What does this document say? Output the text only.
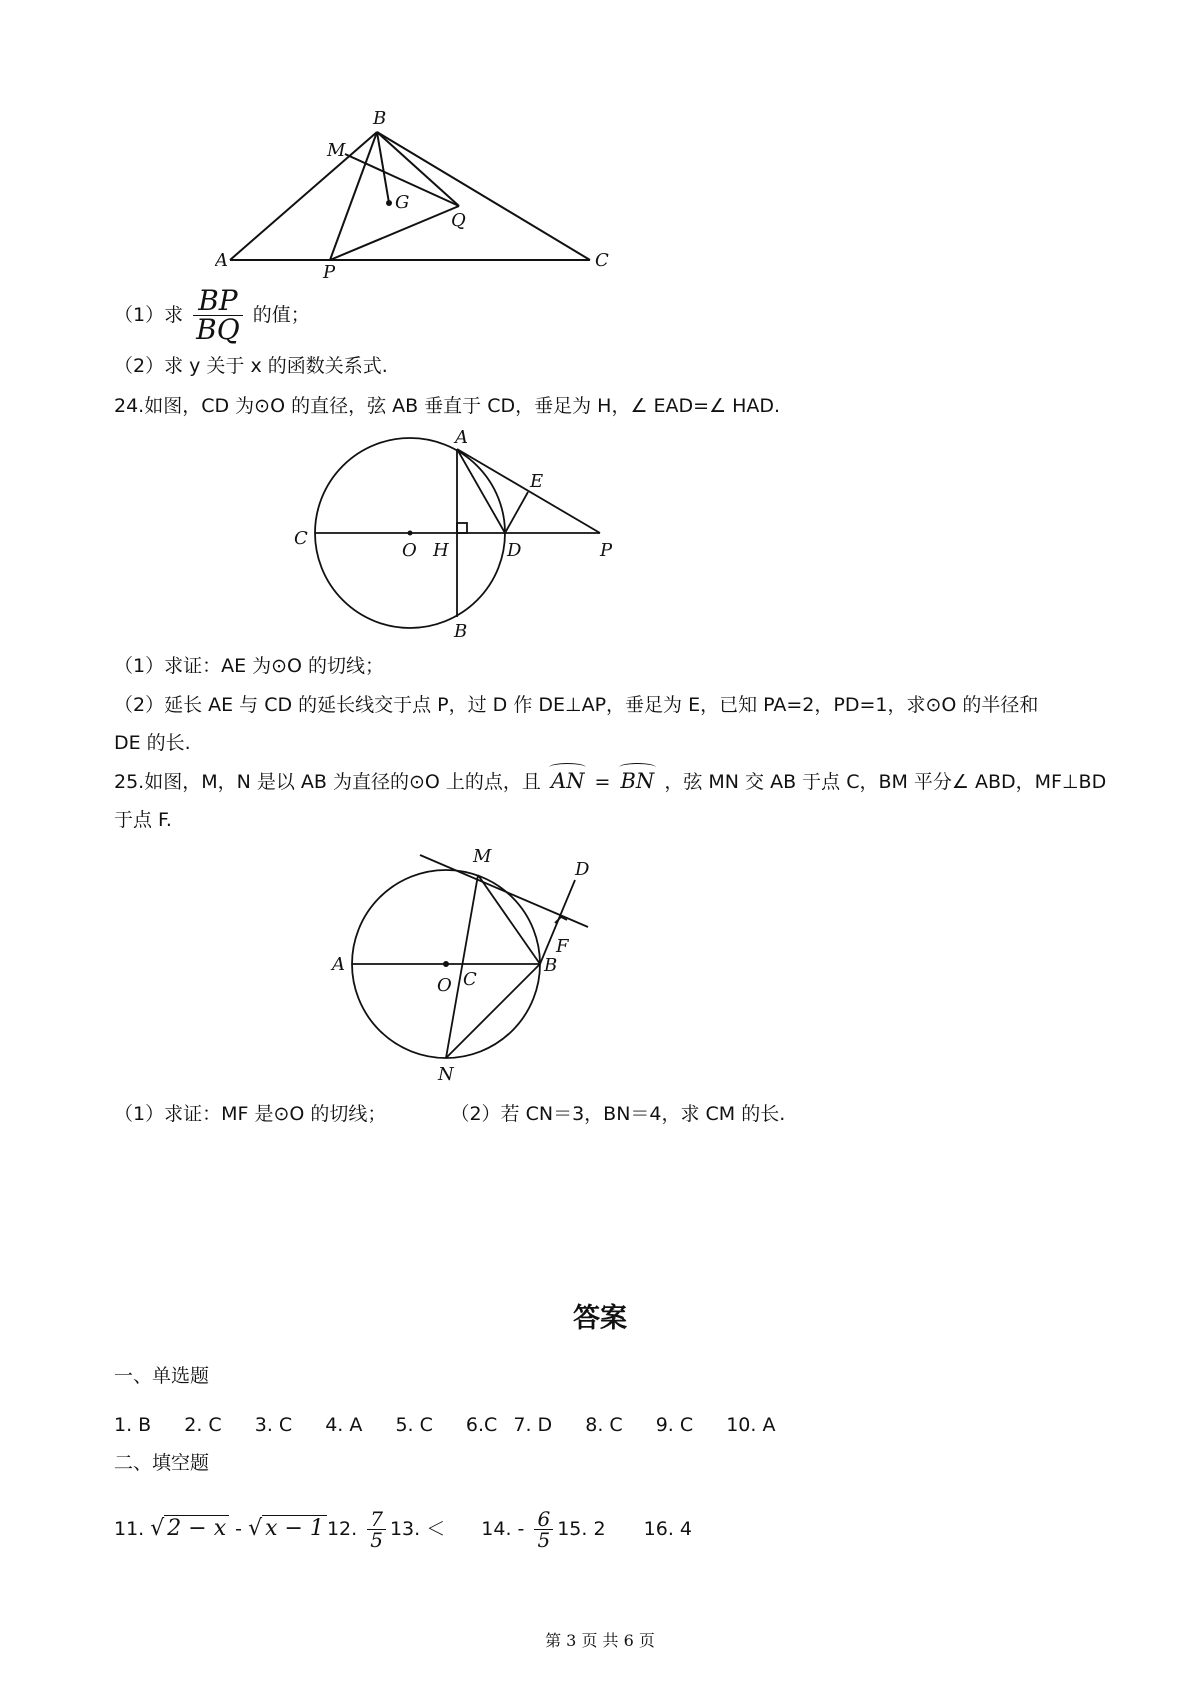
B
M
G
Q
A
P
C
（1）求 $\frac{BP}{BQ}$ 的值；
（2）求 y 关于 x 的函数关系式.
24.如图，CD 为⊙O 的直径，弦 AB 垂直于 CD，垂足为 H，∠ EAD=∠ HAD.
A
E
C
O H	D	P
B
（1）求证：AE 为⊙O 的切线；
（2）延长 AE 与 CD 的延长线交于点 P，过 D 作 DE⊥AP，垂足为 E，已知 PA=2，PD=1，求⊙O 的半径和
DE 的长.
25.如图，M，N 是以 AB 为直径的⊙O 上的点，且 AN = BN ，弦 MN 交 AB 于点 C，BM 平分∠ ABD，MF⊥BD
于点 F.
M
D
F
A
O C
B
N
（1）求证：MF 是⊙O 的切线；	（2）若 CN＝3，BN＝4，求 CM 的长.
答案
一、单选题
1. B 2. C 3. C 4. A 5. C 6.C 7. D 8. C 9. C 10. A
二、填空题
11. √ 2 − x - √ x − 1 12. $\frac{7}{5} 13$. ＜ 14. - $\frac{6}{5} 15$. 2 16. 4
第 3 页 共 6 页
